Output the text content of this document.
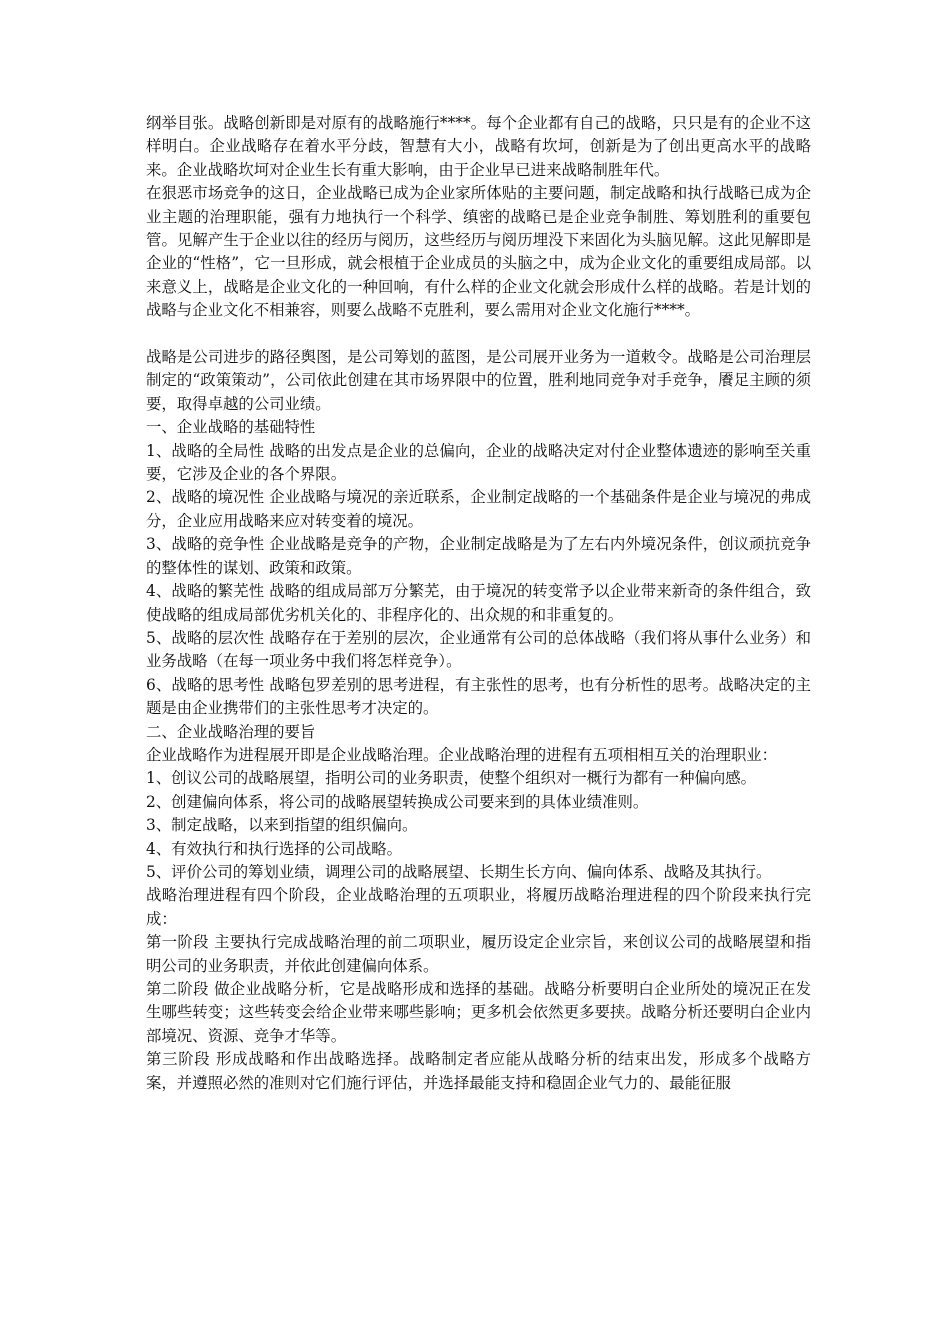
纲举目张。战略创新即是对原有的战略施行****。每个企业都有自己的战略，只只是有的企业不这样明白。企业战略存在着水平分歧，智慧有大小，战略有坎坷，创新是为了创出更高水平的战略来。企业战略坎坷对企业生长有重大影响，由于企业早已进来战略制胜年代。

在狠恶市场竞争的这日，企业战略已成为企业家所体贴的主要问题，制定战略和执行战略已成为企业主题的治理职能，强有力地执行一个科学、缜密的战略已是企业竞争制胜、筹划胜利的重要包管。见解产生于企业以往的经历与阅历，这些经历与阅历埋没下来固化为头脑见解。这此见解即是企业的“性格”，它一旦形成，就会根植于企业成员的头脑之中，成为企业文化的重要组成局部。以来意义上，战略是企业文化的一种回响，有什么样的企业文化就会形成什么样的战略。若是计划的战略与企业文化不相兼容，则要么战略不克胜利，要么需用对企业文化施行****。

战略是公司进步的路径舆图，是公司筹划的蓝图，是公司展开业务为一道敕令。战略是公司治理层制定的“政策策动”，公司依此创建在其市场界限中的位置，胜利地同竞争对手竞争，餍足主顾的须要，取得卓越的公司业绩。

一、企业战略的基础特性

1、战略的全局性 战略的出发点是企业的总偏向，企业的战略决定对付企业整体遗迹的影响至关重要，它涉及企业的各个界限。

2、战略的境况性 企业战略与境况的亲近联系，企业制定战略的一个基础条件是企业与境况的弗成分，企业应用战略来应对转变着的境况。

3、战略的竞争性 企业战略是竞争的产物，企业制定战略是为了左右内外境况条件，创议顽抗竞争的整体性的谋划、政策和政策。

4、战略的繁芜性 战略的组成局部万分繁芜，由于境况的转变常予以企业带来新奇的条件组合，致使战略的组成局部优劣机关化的、非程序化的、出众规的和非重复的。

5、战略的层次性 战略存在于差别的层次，企业通常有公司的总体战略（我们将从事什么业务）和业务战略（在每一项业务中我们将怎样竞争）。

6、战略的思考性 战略包罗差别的思考进程，有主张性的思考，也有分析性的思考。战略决定的主题是由企业携带们的主张性思考才决定的。

二、企业战略治理的要旨

企业战略作为进程展开即是企业战略治理。企业战略治理的进程有五项相相互关的治理职业：

1、创议公司的战略展望，指明公司的业务职责，使整个组织对一概行为都有一种偏向感。

2、创建偏向体系，将公司的战略展望转换成公司要来到的具体业绩准则。

3、制定战略，以来到指望的组织偏向。

4、有效执行和执行选择的公司战略。

5、评价公司的筹划业绩，调理公司的战略展望、长期生长方向、偏向体系、战略及其执行。

战略治理进程有四个阶段，企业战略治理的五项职业，将履历战略治理进程的四个阶段来执行完成：

第一阶段 主要执行完成战略治理的前二项职业，履历设定企业宗旨，来创议公司的战略展望和指明公司的业务职责，并依此创建偏向体系。

第二阶段 做企业战略分析，它是战略形成和选择的基础。战略分析要明白企业所处的境况正在发生哪些转变；这些转变会给企业带来哪些影响；更多机会依然更多要挟。战略分析还要明白企业内部境况、资源、竞争才华等。

第三阶段 形成战略和作出战略选择。战略制定者应能从战略分析的结束出发，形成多个战略方案，并遵照必然的准则对它们施行评估，并选择最能支持和稳固企业气力的、最能征服
